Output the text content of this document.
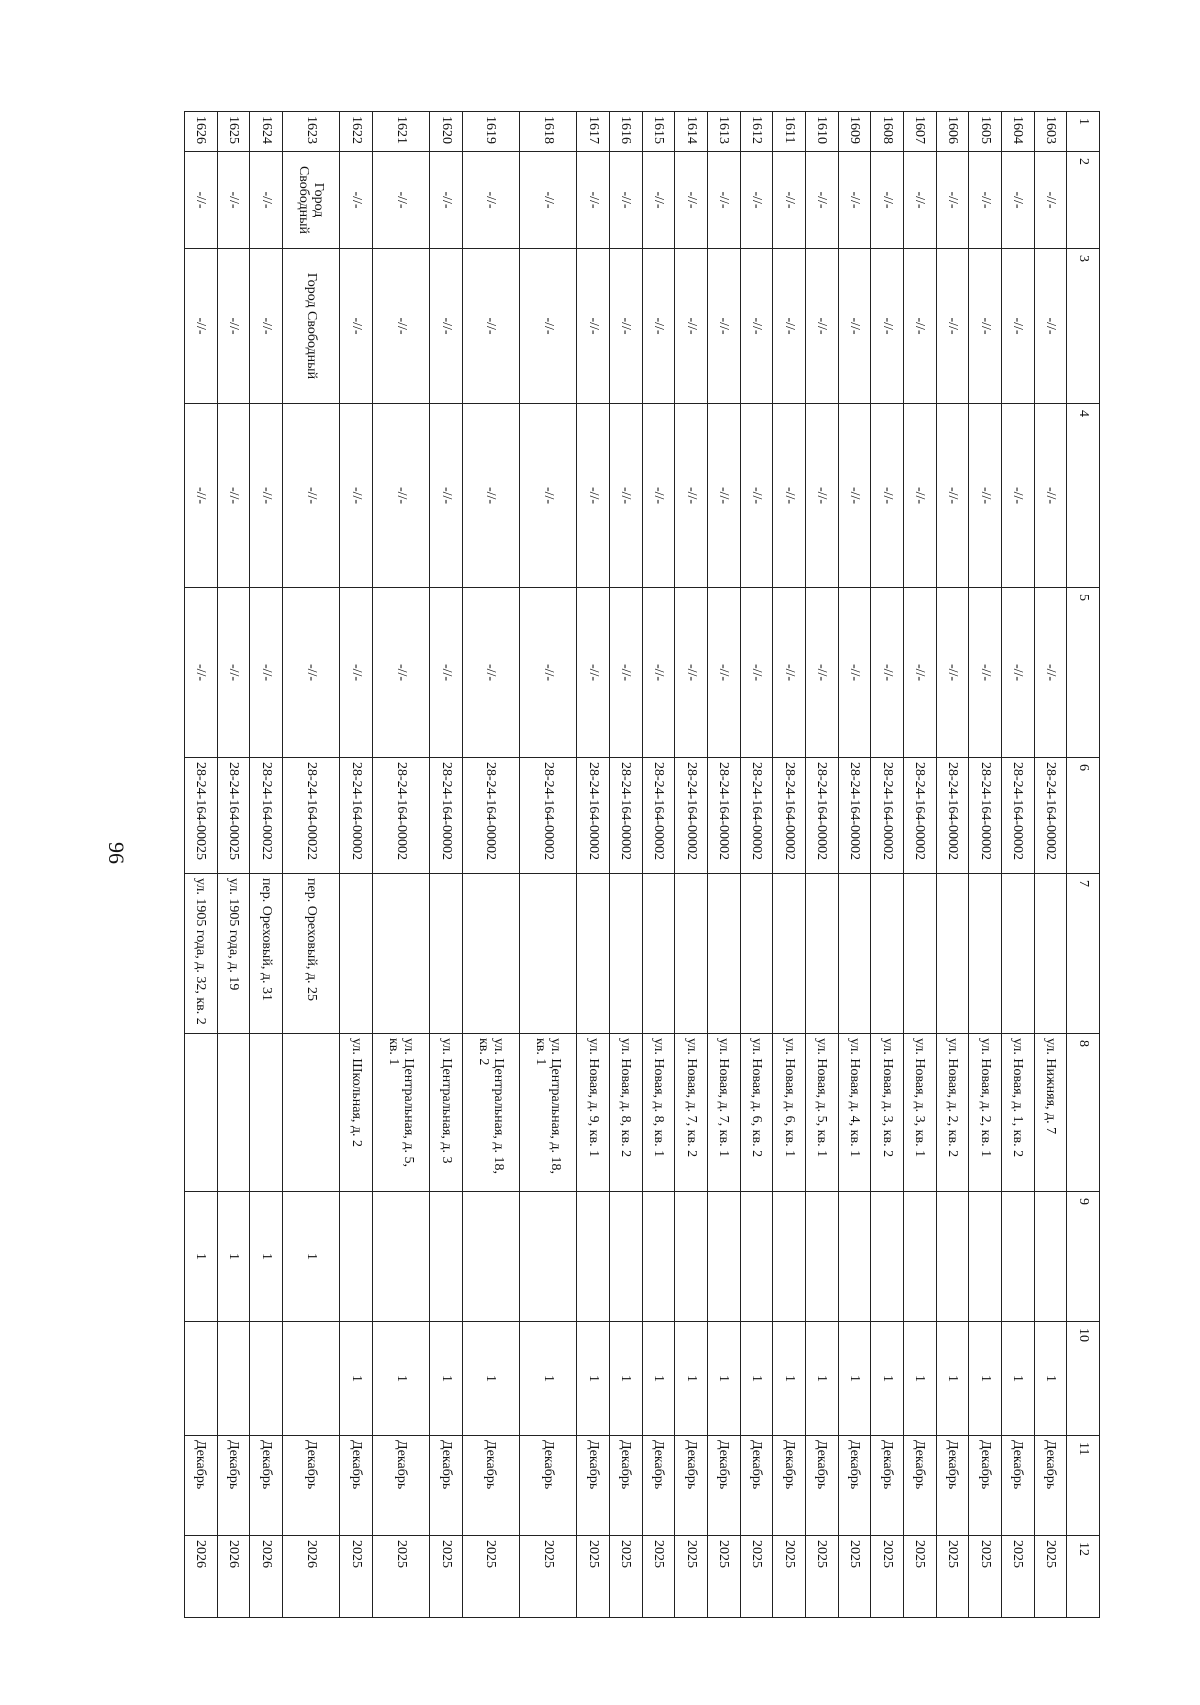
96
1	2	3	4	5	6	7	8	9	10	11	12
1603	-//-	-//-	-//-	-//-	28-24-164-00002		ул. Нижняя, д. 7		1	Декабрь	2025
1604	-//-	-//-	-//-	-//-	28-24-164-00002		ул. Новая, д. 1, кв. 2		1	Декабрь	2025
1605	-//-	-//-	-//-	-//-	28-24-164-00002		ул. Новая, д. 2, кв. 1		1	Декабрь	2025
1606	-//-	-//-	-//-	-//-	28-24-164-00002		ул. Новая, д. 2, кв. 2		1	Декабрь	2025
1607	-//-	-//-	-//-	-//-	28-24-164-00002		ул. Новая, д. 3, кв. 1		1	Декабрь	2025
1608	-//-	-//-	-//-	-//-	28-24-164-00002		ул. Новая, д. 3, кв. 2		1	Декабрь	2025
1609	-//-	-//-	-//-	-//-	28-24-164-00002		ул. Новая, д. 4, кв. 1		1	Декабрь	2025
1610	-//-	-//-	-//-	-//-	28-24-164-00002		ул. Новая, д. 5, кв. 1		1	Декабрь	2025
1611	-//-	-//-	-//-	-//-	28-24-164-00002		ул. Новая, д. 6, кв. 1		1	Декабрь	2025
1612	-//-	-//-	-//-	-//-	28-24-164-00002		ул. Новая, д. 6, кв. 2		1	Декабрь	2025
1613	-//-	-//-	-//-	-//-	28-24-164-00002		ул. Новая, д. 7, кв. 1		1	Декабрь	2025
1614	-//-	-//-	-//-	-//-	28-24-164-00002		ул. Новая, д. 7, кв. 2		1	Декабрь	2025
1615	-//-	-//-	-//-	-//-	28-24-164-00002		ул. Новая, д. 8, кв. 1		1	Декабрь	2025
1616	-//-	-//-	-//-	-//-	28-24-164-00002		ул. Новая, д. 8, кв. 2		1	Декабрь	2025
1617	-//-	-//-	-//-	-//-	28-24-164-00002		ул. Новая, д. 9, кв. 1		1	Декабрь	2025
1618	-//-	-//-	-//-	-//-	28-24-164-00002		ул. Центральная, д. 18, кв. 1		1	Декабрь	2025
1619	-//-	-//-	-//-	-//-	28-24-164-00002		ул. Центральная, д. 18, кв. 2		1	Декабрь	2025
1620	-//-	-//-	-//-	-//-	28-24-164-00002		ул. Центральная, д. 3		1	Декабрь	2025
1621	-//-	-//-	-//-	-//-	28-24-164-00002		ул. Центральная, д. 5, кв. 1		1	Декабрь	2025
1622	-//-	-//-	-//-	-//-	28-24-164-00002		ул. Школьная, д. 2		1	Декабрь	2025
1623	Город Свободный	Город Свободный	-//-	-//-	28-24-164-00022	пер. Ореховый, д. 25		1		Декабрь	2026
1624	-//-	-//-	-//-	-//-	28-24-164-00022	пер. Ореховый, д. 31		1		Декабрь	2026
1625	-//-	-//-	-//-	-//-	28-24-164-00025	ул. 1905 года, д. 19		1		Декабрь	2026
1626	-//-	-//-	-//-	-//-	28-24-164-00025	ул. 1905 года, д. 32, кв. 2		1		Декабрь	2026
